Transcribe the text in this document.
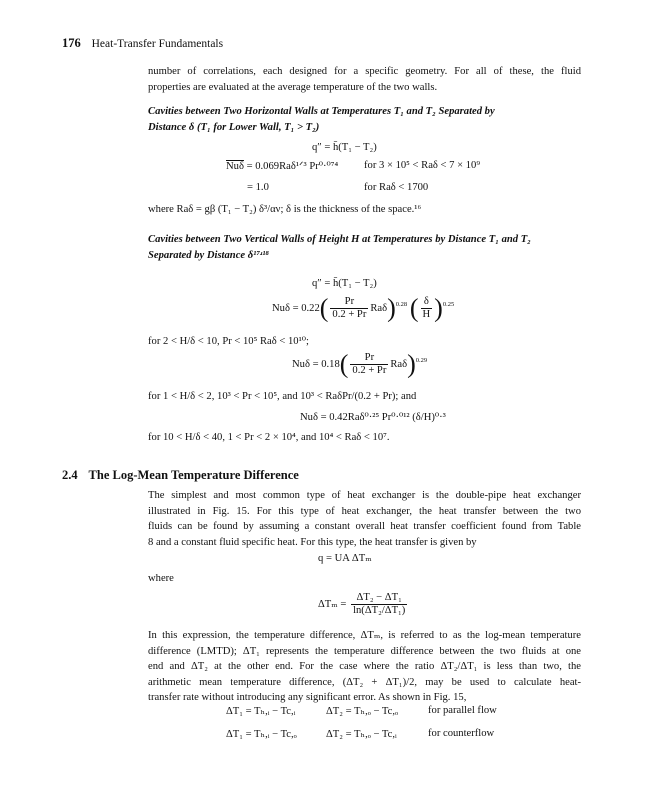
176 Heat-Transfer Fundamentals
number of correlations, each designed for a specific geometry. For all of these, the fluid
properties are evaluated at the average temperature of the two walls.
Cavities between Two Horizontal Walls at Temperatures T₁ and T₂ Separated by
Distance δ (T₁ for Lower Wall, T₁ > T₂)
q″ = h̄(T₁ − T₂)
$\overline{Nu\delta}$ = 0.069Raδ¹ᐟ³ Pr⁰·⁰⁷⁴ for 3 × 10⁵ < Raδ < 7 × 10⁹
= 1.0	for Raδ < 1700
where Raδ = gβ (T₁ − T₂) δ³/αν; δ is the thickness of the space.¹⁶
Cavities between Two Vertical Walls of Height H at Temperatures by Distance T₁ and T₂
Separated by Distance δ¹⁷ʴ¹⁸
q″ = h̄(T₁ − T₂)
$Nu\delta = 0.22( \frac{Pr}{0.2 + Pr} Ra\delta)^{0.28}$ ( $\frac{\delta}{H} )^{0.25}$
for 2 < H/δ < 10, Pr < 10⁵ Raδ < 10¹⁰;
$Nu\delta = 0.18( \frac{Pr}{0.2 + Pr} Ra\delta)^{0.29}$
for 1 < H/δ < 2, 10³ < Pr < 10⁵, and 10³ < RaδPr/(0.2 + Pr); and
Nuδ = 0.42Raδ⁰·²⁵ Pr⁰·⁰¹² (δ/H)⁰·³
for 10 < H/δ < 40, 1 < Pr < 2 × 10⁴, and 10⁴ < Raδ < 10⁷.
2.4 The Log-Mean Temperature Difference
The simplest and most common type of heat exchanger is the double-pipe heat exchanger
illustrated in Fig. 15. For this type of heat exchanger, the heat transfer between the two
fluids can be found by assuming a constant overall heat transfer coefficient found from Table
8 and a constant fluid specific heat. For this type, the heat transfer is given by
q = UA ΔTₘ
where
$\Delta T_m = \frac{\text{ΔT₂ − ΔT₁}}{\text{ln(ΔT₂/ΔT₁)}}$
In this expression, the temperature difference, ΔTₘ, is referred to as the log-mean temperature
difference (LMTD); ΔT₁ represents the temperature difference between the two fluids at one
end and ΔT₂ at the other end. For the case where the ratio ΔT₂/ΔT₁ is less than two, the
arithmetic mean temperature difference, (ΔT₂ + ΔT₁)/2, may be used to calculate heat-
transfer rate without introducing any significant error. As shown in Fig. 15,
ΔT₁ = Tₕ,ᵢ − Tc,ᵢ	ΔT₂ = Tₕ,ₒ − Tc,ₒ	for parallel flow
ΔT₁ = Tₕ,ᵢ − Tc,ₒ	ΔT₂ = Tₕ,ₒ − Tc,ᵢ	for counterflow
